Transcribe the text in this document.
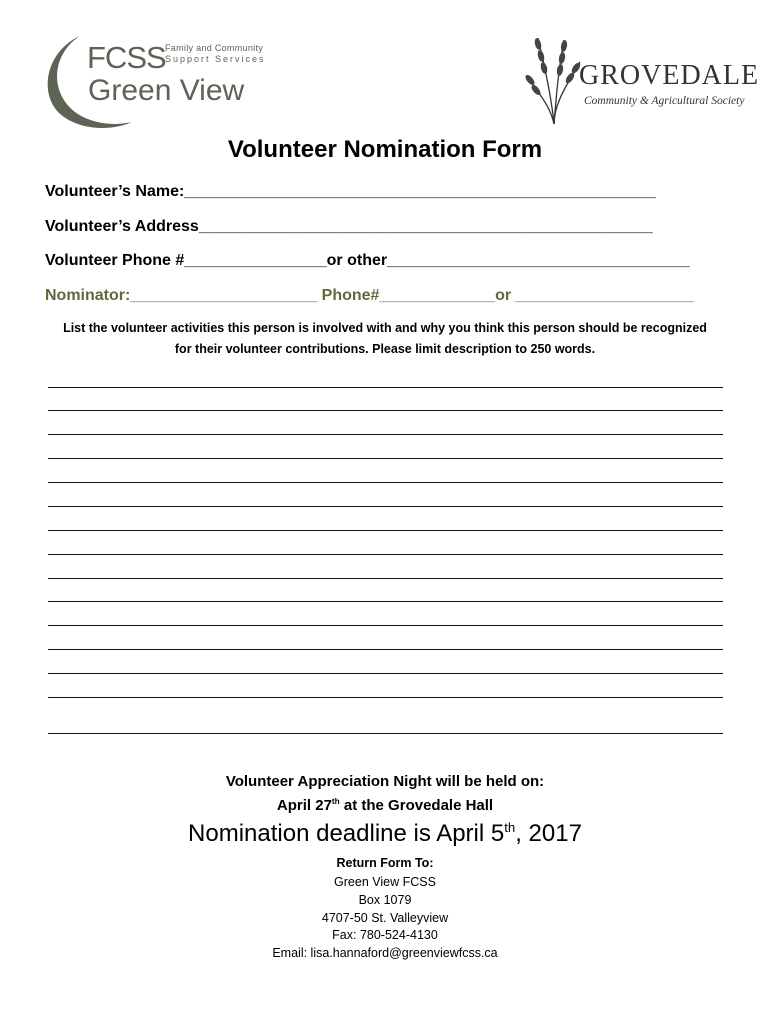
FCSS Family and Community
Support Services
Green View	GROVEDALE
Community & Agricultural Society
Volunteer Nomination Form
Volunteer’s Name:_____________________________________________________
Volunteer’s Address___________________________________________________
Volunteer Phone #________________or other__________________________________
Nominator:_____________________ Phone#_____________or ____________________
List the volunteer activities this person is involved with and why you think this person should be recognized
for their volunteer contributions. Please limit description to 250 words.
Volunteer Appreciation Night will be held on:
April 27th at the Grovedale Hall
Nomination deadline is April 5th, 2017
Return Form To:
Green View FCSS
Box 1079
4707-50 St. Valleyview
Fax: 780-524-4130
Email: lisa.hannaford@greenviewfcss.ca
